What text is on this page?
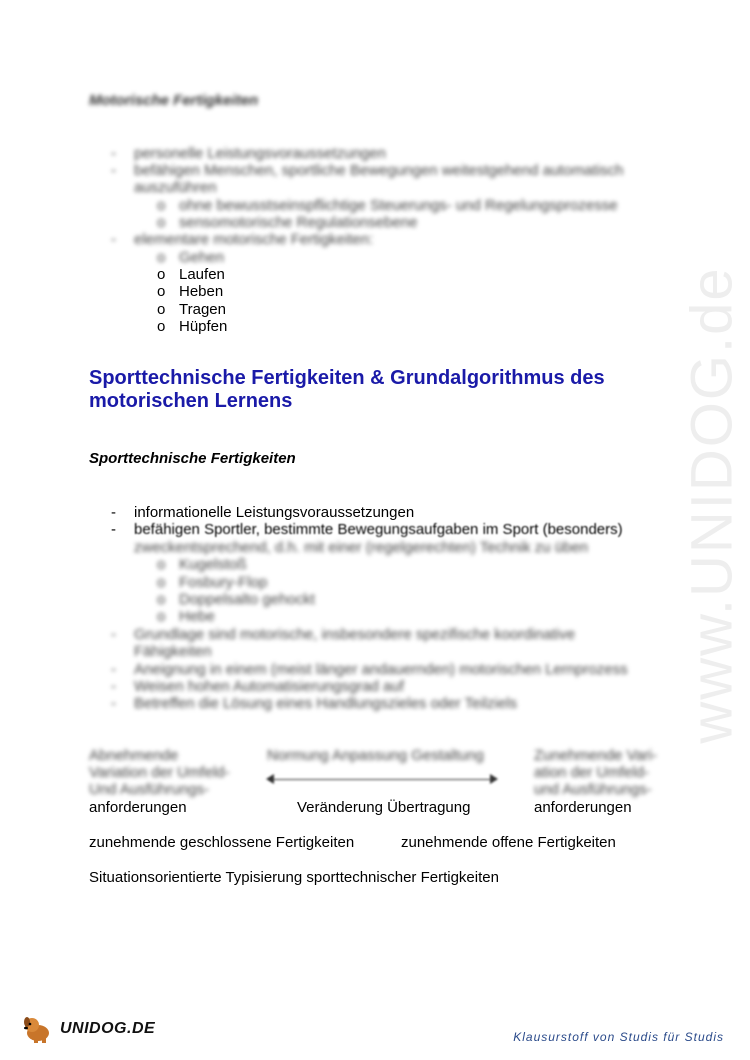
www.UNIDOG.de
Motorische Fertigkeiten
- personelle Leistungsvoraussetzungen
- befähigen Menschen, sportliche Bewegungen weitestgehend automatisch
auszuführen
o ohne bewusstseinspflichtige Steuerungs- und Regelungsprozesse
o sensomotorische Regulationsebene
- elementare motorische Fertigkeiten:
o Gehen
o Laufen
o Heben
o Tragen
o Hüpfen
Sporttechnische Fertigkeiten & Grundalgorithmus des motorischen Lernens
Sporttechnische Fertigkeiten
- informationelle Leistungsvoraussetzungen
- befähigen Sportler, bestimmte Bewegungsaufgaben im Sport (besonders)
zweckentsprechend, d.h. mit einer (regelgerechten) Technik zu üben
o Kugelstoß
o Fosbury-Flop
o Doppelsalto gehockt
o Hebe
- Grundlage sind motorische, insbesondere spezifische koordinative
Fähigkeiten
- Aneignung in einem (meist länger andauernden) motorischen Lernprozess
- Weisen hohen Automatisierungsgrad auf
- Betreffen die Lösung eines Handlungszieles oder Teilziels
Abnehmende
Variation der Umfeld-
Und Ausführungs-
anforderungen
Normung Anpassung Gestaltung
Veränderung Übertragung
Zunehmende Vari-
ation der Umfeld-
und Ausführungs-
anforderungen
zunehmende geschlossene Fertigkeiten	zunehmende offene Fertigkeiten
Situationsorientierte Typisierung sporttechnischer Fertigkeiten
UNIDOG.DE	Klausurstoff von Studis für Studis
